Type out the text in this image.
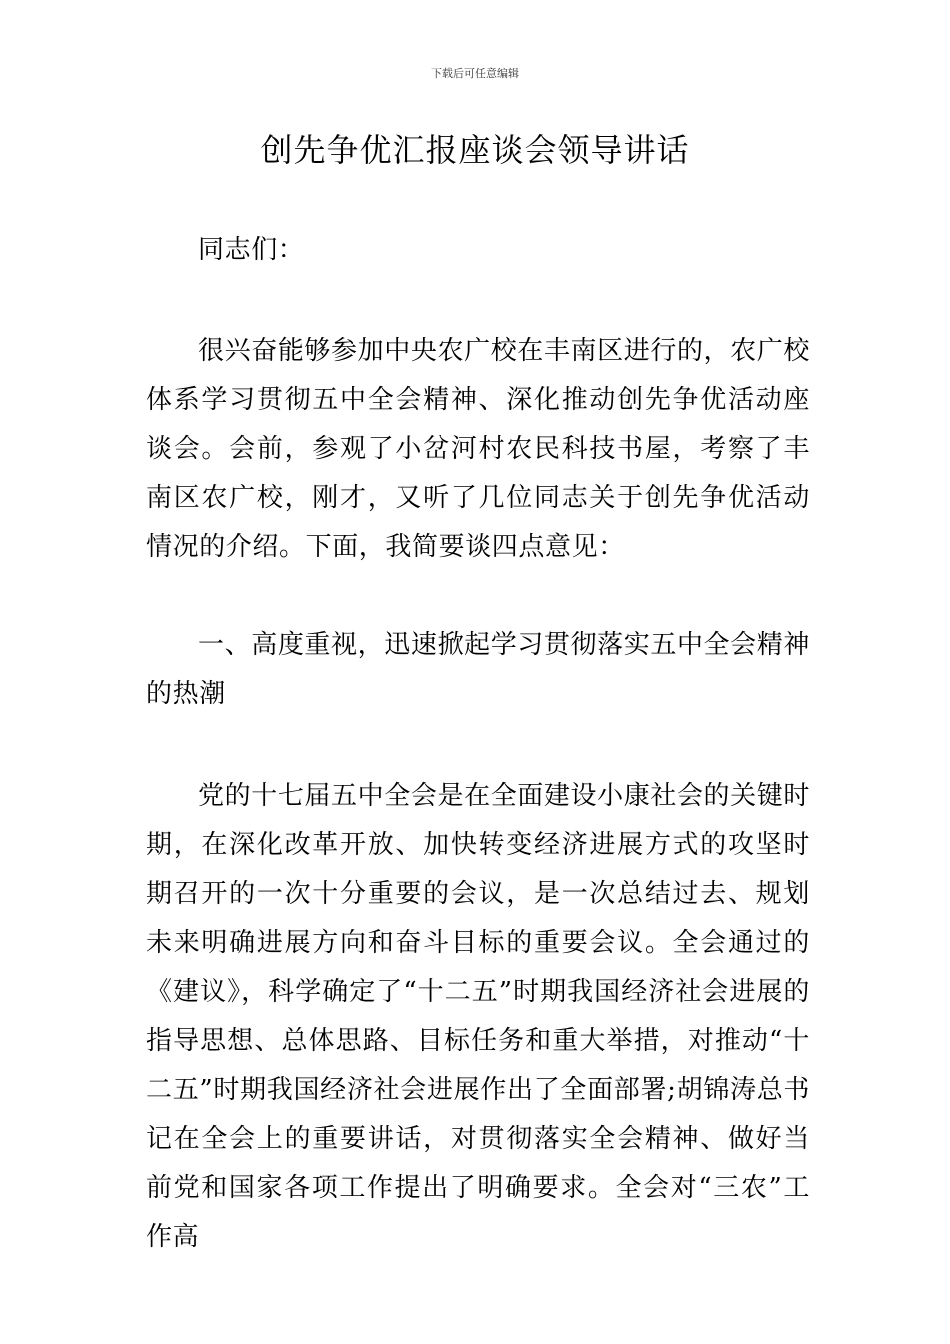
下载后可任意编辑
创先争优汇报座谈会领导讲话

同志们：

很兴奋能够参加中央农广校在丰南区进行的，农广校体系学习贯彻五中全会精神、深化推动创先争优活动座谈会。会前，参观了小岔河村农民科技书屋，考察了丰南区农广校，刚才，又听了几位同志关于创先争优活动情况的介绍。下面，我简要谈四点意见：

一、高度重视，迅速掀起学习贯彻落实五中全会精神的热潮

党的十七届五中全会是在全面建设小康社会的关键时期，在深化改革开放、加快转变经济进展方式的攻坚时期召开的一次十分重要的会议，是一次总结过去、规划未来明确进展方向和奋斗目标的重要会议。全会通过的《建议》，科学确定了“十二五”时期我国经济社会进展的指导思想、总体思路、目标任务和重大举措，对推动“十二五”时期我国经济社会进展作出了全面部署;胡锦涛总书记在全会上的重要讲话，对贯彻落实全会精神、做好当前党和国家各项工作提出了明确要求。全会对“三农”工作高
